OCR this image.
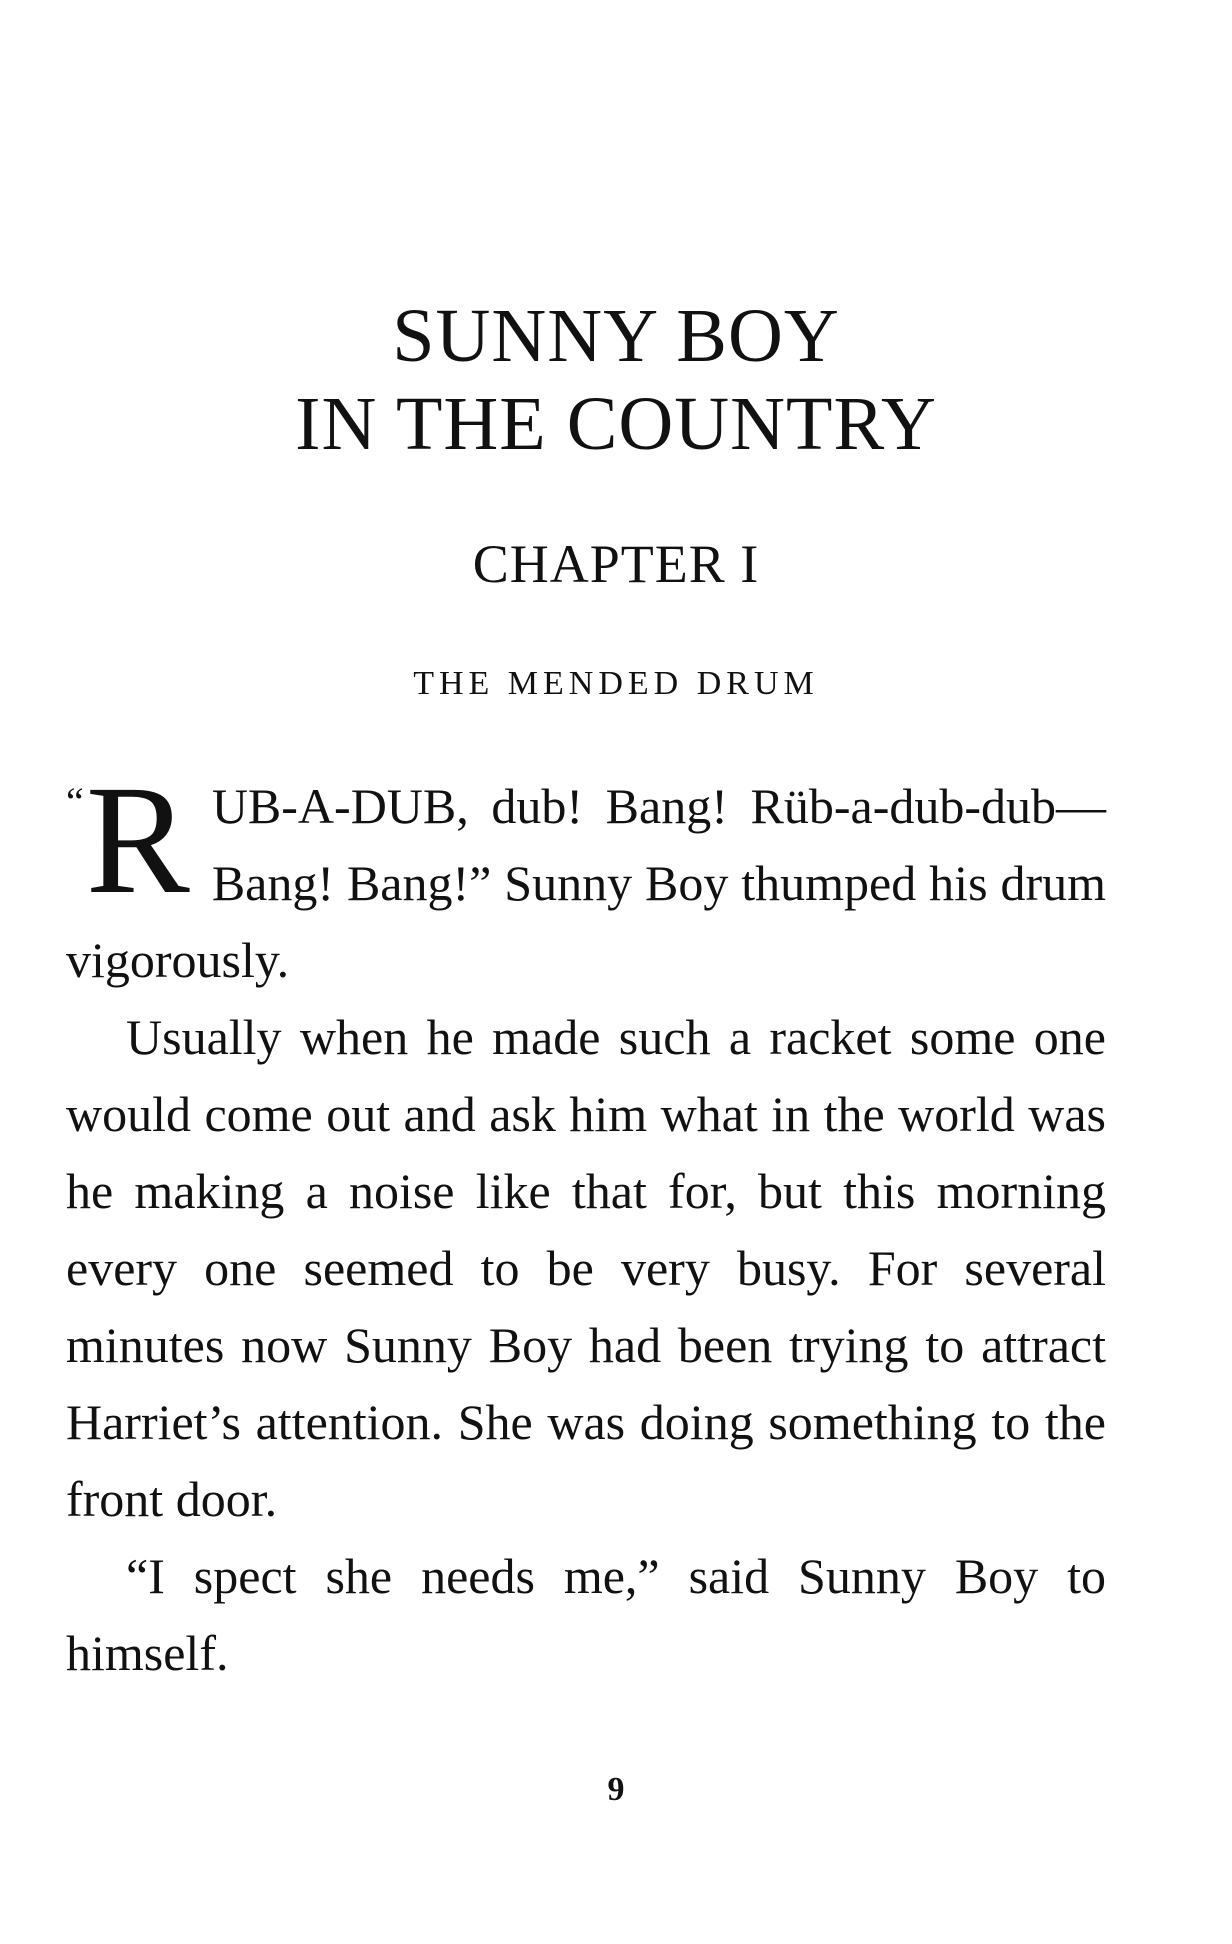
SUNNY BOY
IN THE COUNTRY
CHAPTER I
THE MENDED DRUM

“ R UB-A-DUB, dub! Bang! Rüb-a-dub-dub—Bang! Bang!” Sunny Boy thumped his drum vigorously.

Usually when he made such a racket some one would come out and ask him what in the world was he making a noise like that for, but this morning every one seemed to be very busy. For several minutes now Sunny Boy had been trying to attract Harriet’s attention. She was doing something to the front door.

“I spect she needs me,” said Sunny Boy to himself.

9
